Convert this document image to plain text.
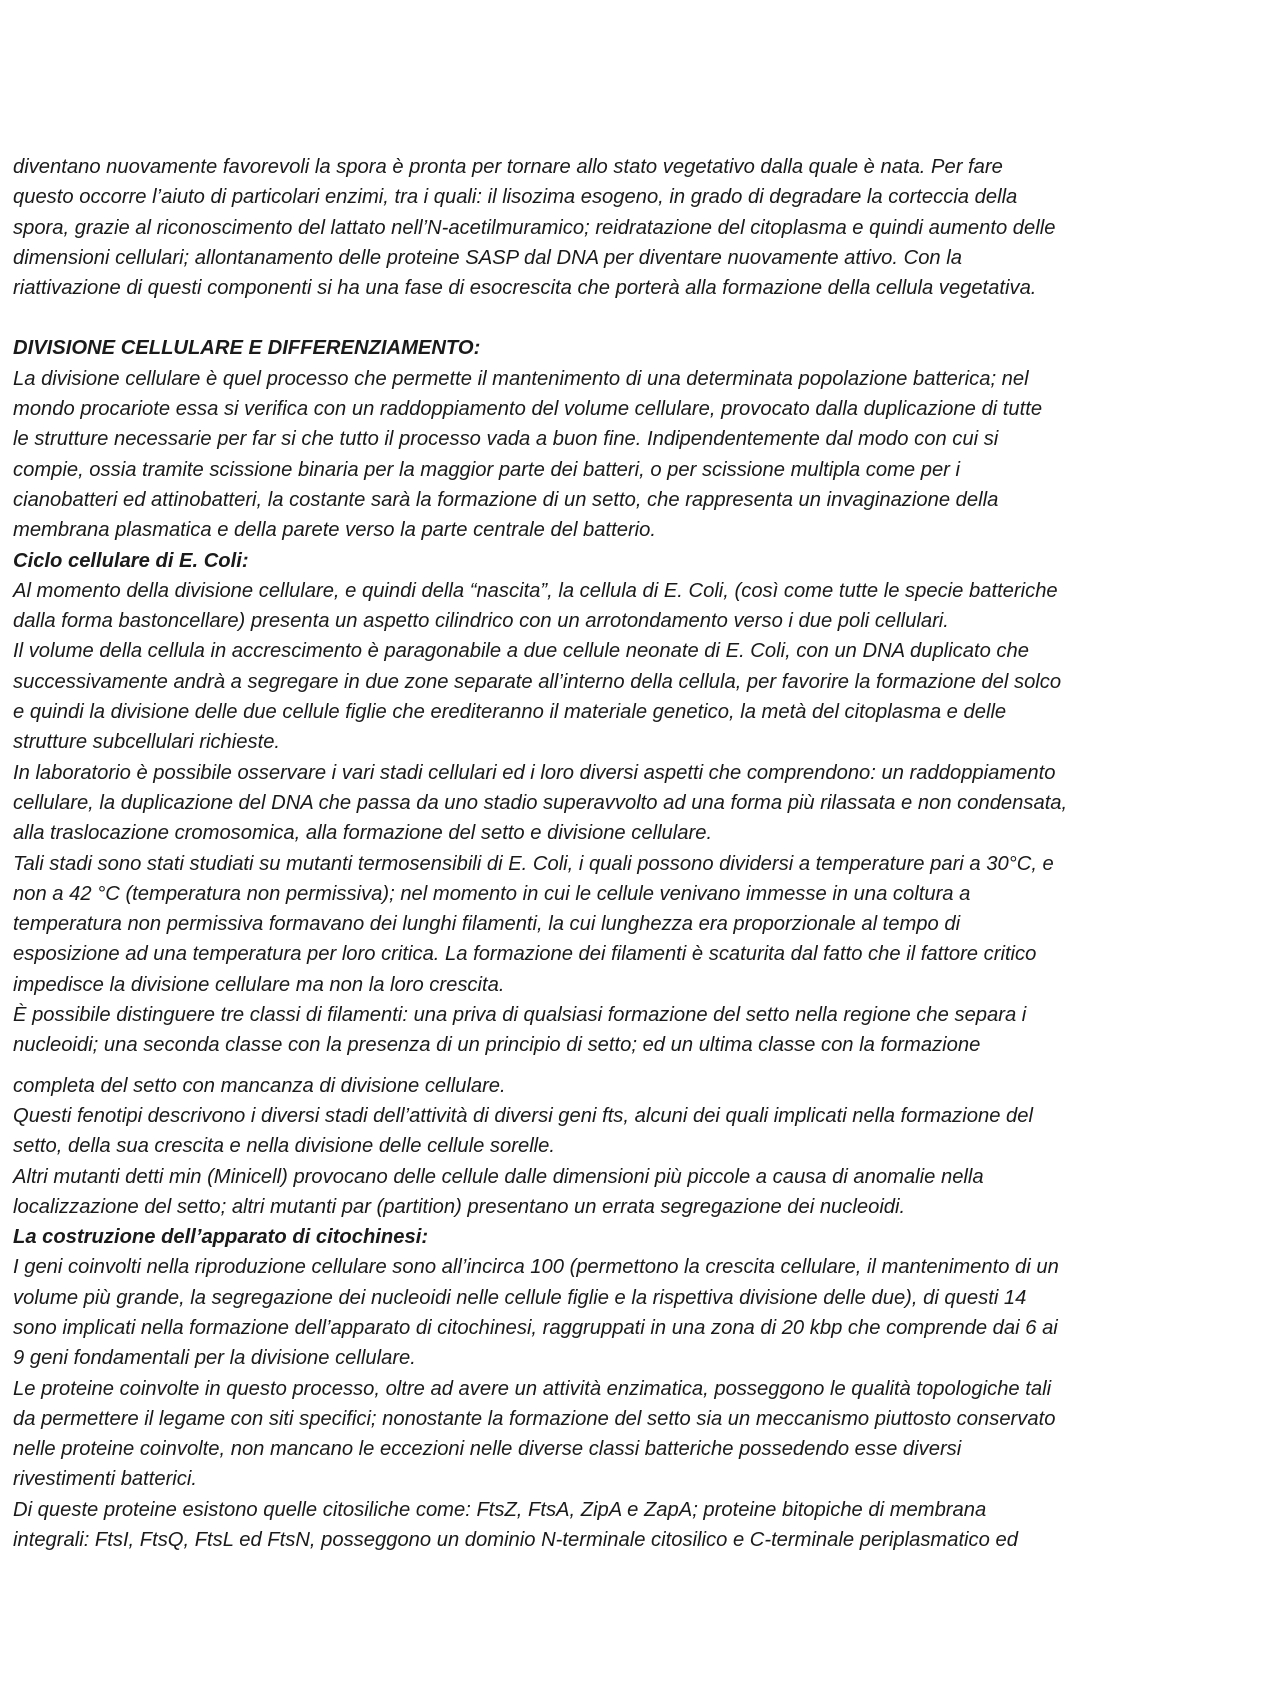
diventano nuovamente favorevoli la spora è pronta per tornare allo stato vegetativo dalla quale è nata. Per fare
questo occorre l’aiuto di particolari enzimi, tra i quali: il lisozima esogeno, in grado di degradare la corteccia della
spora, grazie al riconoscimento del lattato nell’N-acetilmuramico; reidratazione del citoplasma e quindi aumento delle
dimensioni cellulari; allontanamento delle proteine SASP dal DNA per diventare nuovamente attivo. Con la
riattivazione di questi componenti si ha una fase di esocrescita che porterà alla formazione della cellula vegetativa.
DIVISIONE CELLULARE E DIFFERENZIAMENTO:
La divisione cellulare è quel processo che permette il mantenimento di una determinata popolazione batterica; nel
mondo procariote essa si verifica con un raddoppiamento del volume cellulare, provocato dalla duplicazione di tutte
le strutture necessarie per far si che tutto il processo vada a buon fine. Indipendentemente dal modo con cui si
compie, ossia tramite scissione binaria per la maggior parte dei batteri, o per scissione multipla come per i
cianobatteri ed attinobatteri, la costante sarà la formazione di un setto, che rappresenta un invaginazione della
membrana plasmatica e della parete verso la parte centrale del batterio.
Ciclo cellulare di E. Coli:
Al momento della divisione cellulare, e quindi della “nascita”, la cellula di E. Coli, (così come tutte le specie batteriche
dalla forma bastoncellare) presenta un aspetto cilindrico con un arrotondamento verso i due poli cellulari.
Il volume della cellula in accrescimento è paragonabile a due cellule neonate di E. Coli, con un DNA duplicato che
successivamente andrà a segregare in due zone separate all’interno della cellula, per favorire la formazione del solco
e quindi la divisione delle due cellule figlie che erediteranno il materiale genetico, la metà del citoplasma e delle
strutture subcellulari richieste.
In laboratorio è possibile osservare i vari stadi cellulari ed i loro diversi aspetti che comprendono: un raddoppiamento
cellulare, la duplicazione del DNA che passa da uno stadio superavvolto ad una forma più rilassata e non condensata,
alla traslocazione cromosomica, alla formazione del setto e divisione cellulare.
Tali stadi sono stati studiati su mutanti termosensibili di E. Coli, i quali possono dividersi a temperature pari a 30°C, e
non a 42 °C (temperatura non permissiva); nel momento in cui le cellule venivano immesse in una coltura a
temperatura non permissiva formavano dei lunghi filamenti, la cui lunghezza era proporzionale al tempo di
esposizione ad una temperatura per loro critica. La formazione dei filamenti è scaturita dal fatto che il fattore critico
impedisce la divisione cellulare ma non la loro crescita.
È possibile distinguere tre classi di filamenti: una priva di qualsiasi formazione del setto nella regione che separa i
nucleoidi; una seconda classe con la presenza di un principio di setto; ed un ultima classe con la formazione
completa del setto con mancanza di divisione cellulare.
Questi fenotipi descrivono i diversi stadi dell’attività di diversi geni fts, alcuni dei quali implicati nella formazione del
setto, della sua crescita e nella divisione delle cellule sorelle.
Altri mutanti detti min (Minicell) provocano delle cellule dalle dimensioni più piccole a causa di anomalie nella
localizzazione del setto; altri mutanti par (partition) presentano un errata segregazione dei nucleoidi.
La costruzione dell’apparato di citochinesi:
I geni coinvolti nella riproduzione cellulare sono all’incirca 100 (permettono la crescita cellulare, il mantenimento di un
volume più grande, la segregazione dei nucleoidi nelle cellule figlie e la rispettiva divisione delle due), di questi 14
sono implicati nella formazione dell’apparato di citochinesi, raggruppati in una zona di 20 kbp che comprende dai 6 ai
9 geni fondamentali per la divisione cellulare.
Le proteine coinvolte in questo processo, oltre ad avere un attività enzimatica, posseggono le qualità topologiche tali
da permettere il legame con siti specifici; nonostante la formazione del setto sia un meccanismo piuttosto conservato
nelle proteine coinvolte, non mancano le eccezioni nelle diverse classi batteriche possedendo esse diversi
rivestimenti batterici.
Di queste proteine esistono quelle citosiliche come: FtsZ, FtsA, ZipA e ZapA; proteine bitopiche di membrana
integrali: FtsI, FtsQ, FtsL ed FtsN, posseggono un dominio N-terminale citosilico e C-terminale periplasmatico ed
